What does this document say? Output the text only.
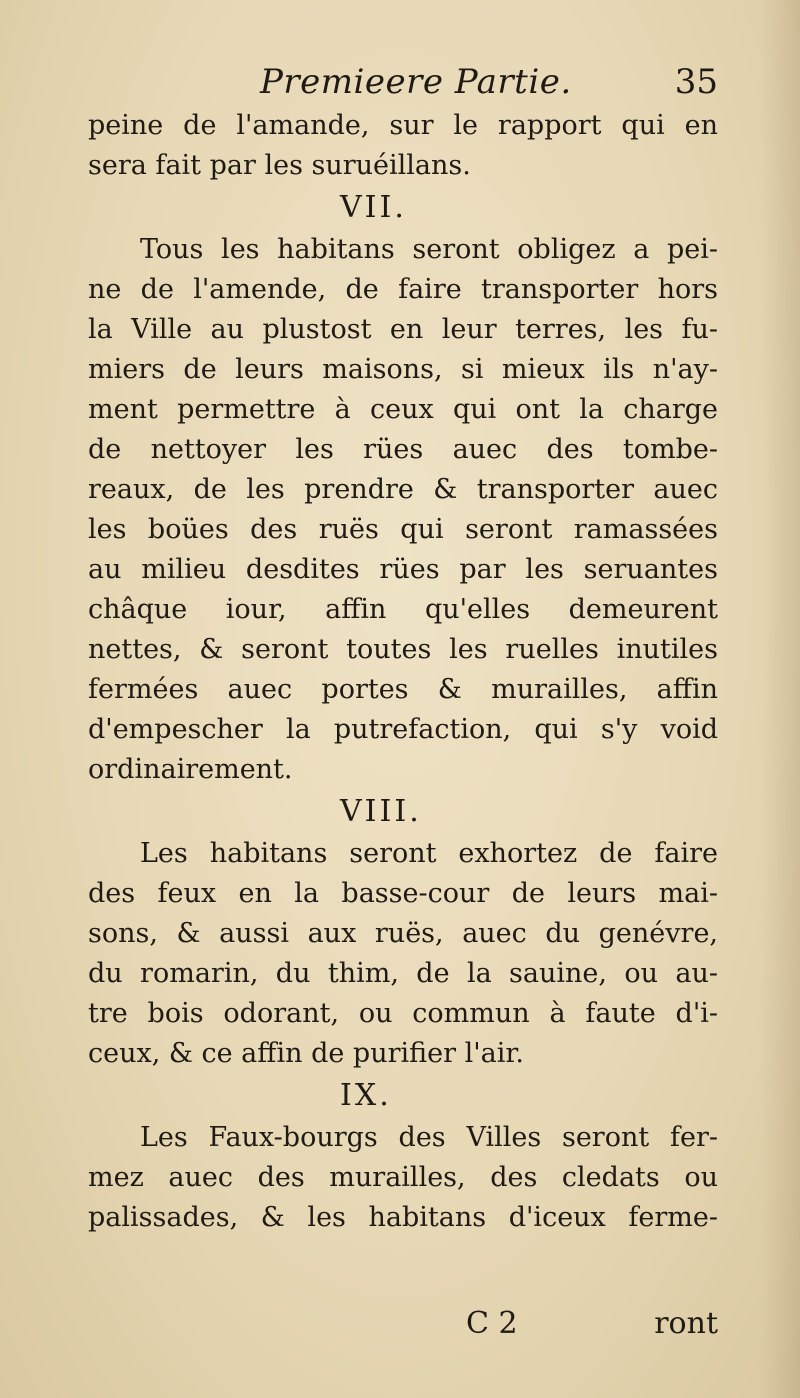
Premieere Partie.	35
peine de l'amande, sur le rapport qui en
sera fait par les suruéillans.
VII.
Tous les habitans seront obligez a pei-
ne de l'amende, de faire transporter hors
la Ville au plustost en leur terres, les fu-
miers de leurs maisons, si mieux ils n'ay-
ment permettre à ceux qui ont la charge
de nettoyer les rües auec des tombe-
reaux, de les prendre & transporter auec
les boües des ruës qui seront ramassées
au milieu desdites rües par les seruantes
châque iour, affin qu'elles demeurent
nettes, & seront toutes les ruelles inutiles
fermées auec portes & murailles, affin
d'empescher la putrefaction, qui s'y void
ordinairement.
VIII.
Les habitans seront exhortez de faire
des feux en la basse-cour de leurs mai-
sons, & aussi aux ruës, auec du genévre,
du romarin, du thim, de la sauine, ou au-
tre bois odorant, ou commun à faute d'i-
ceux, & ce affin de purifier l'air.
IX.
Les Faux-bourgs des Villes seront fer-
mez auec des murailles, des cledats ou
palissades, & les habitans d'iceux ferme-
C 2	ront
